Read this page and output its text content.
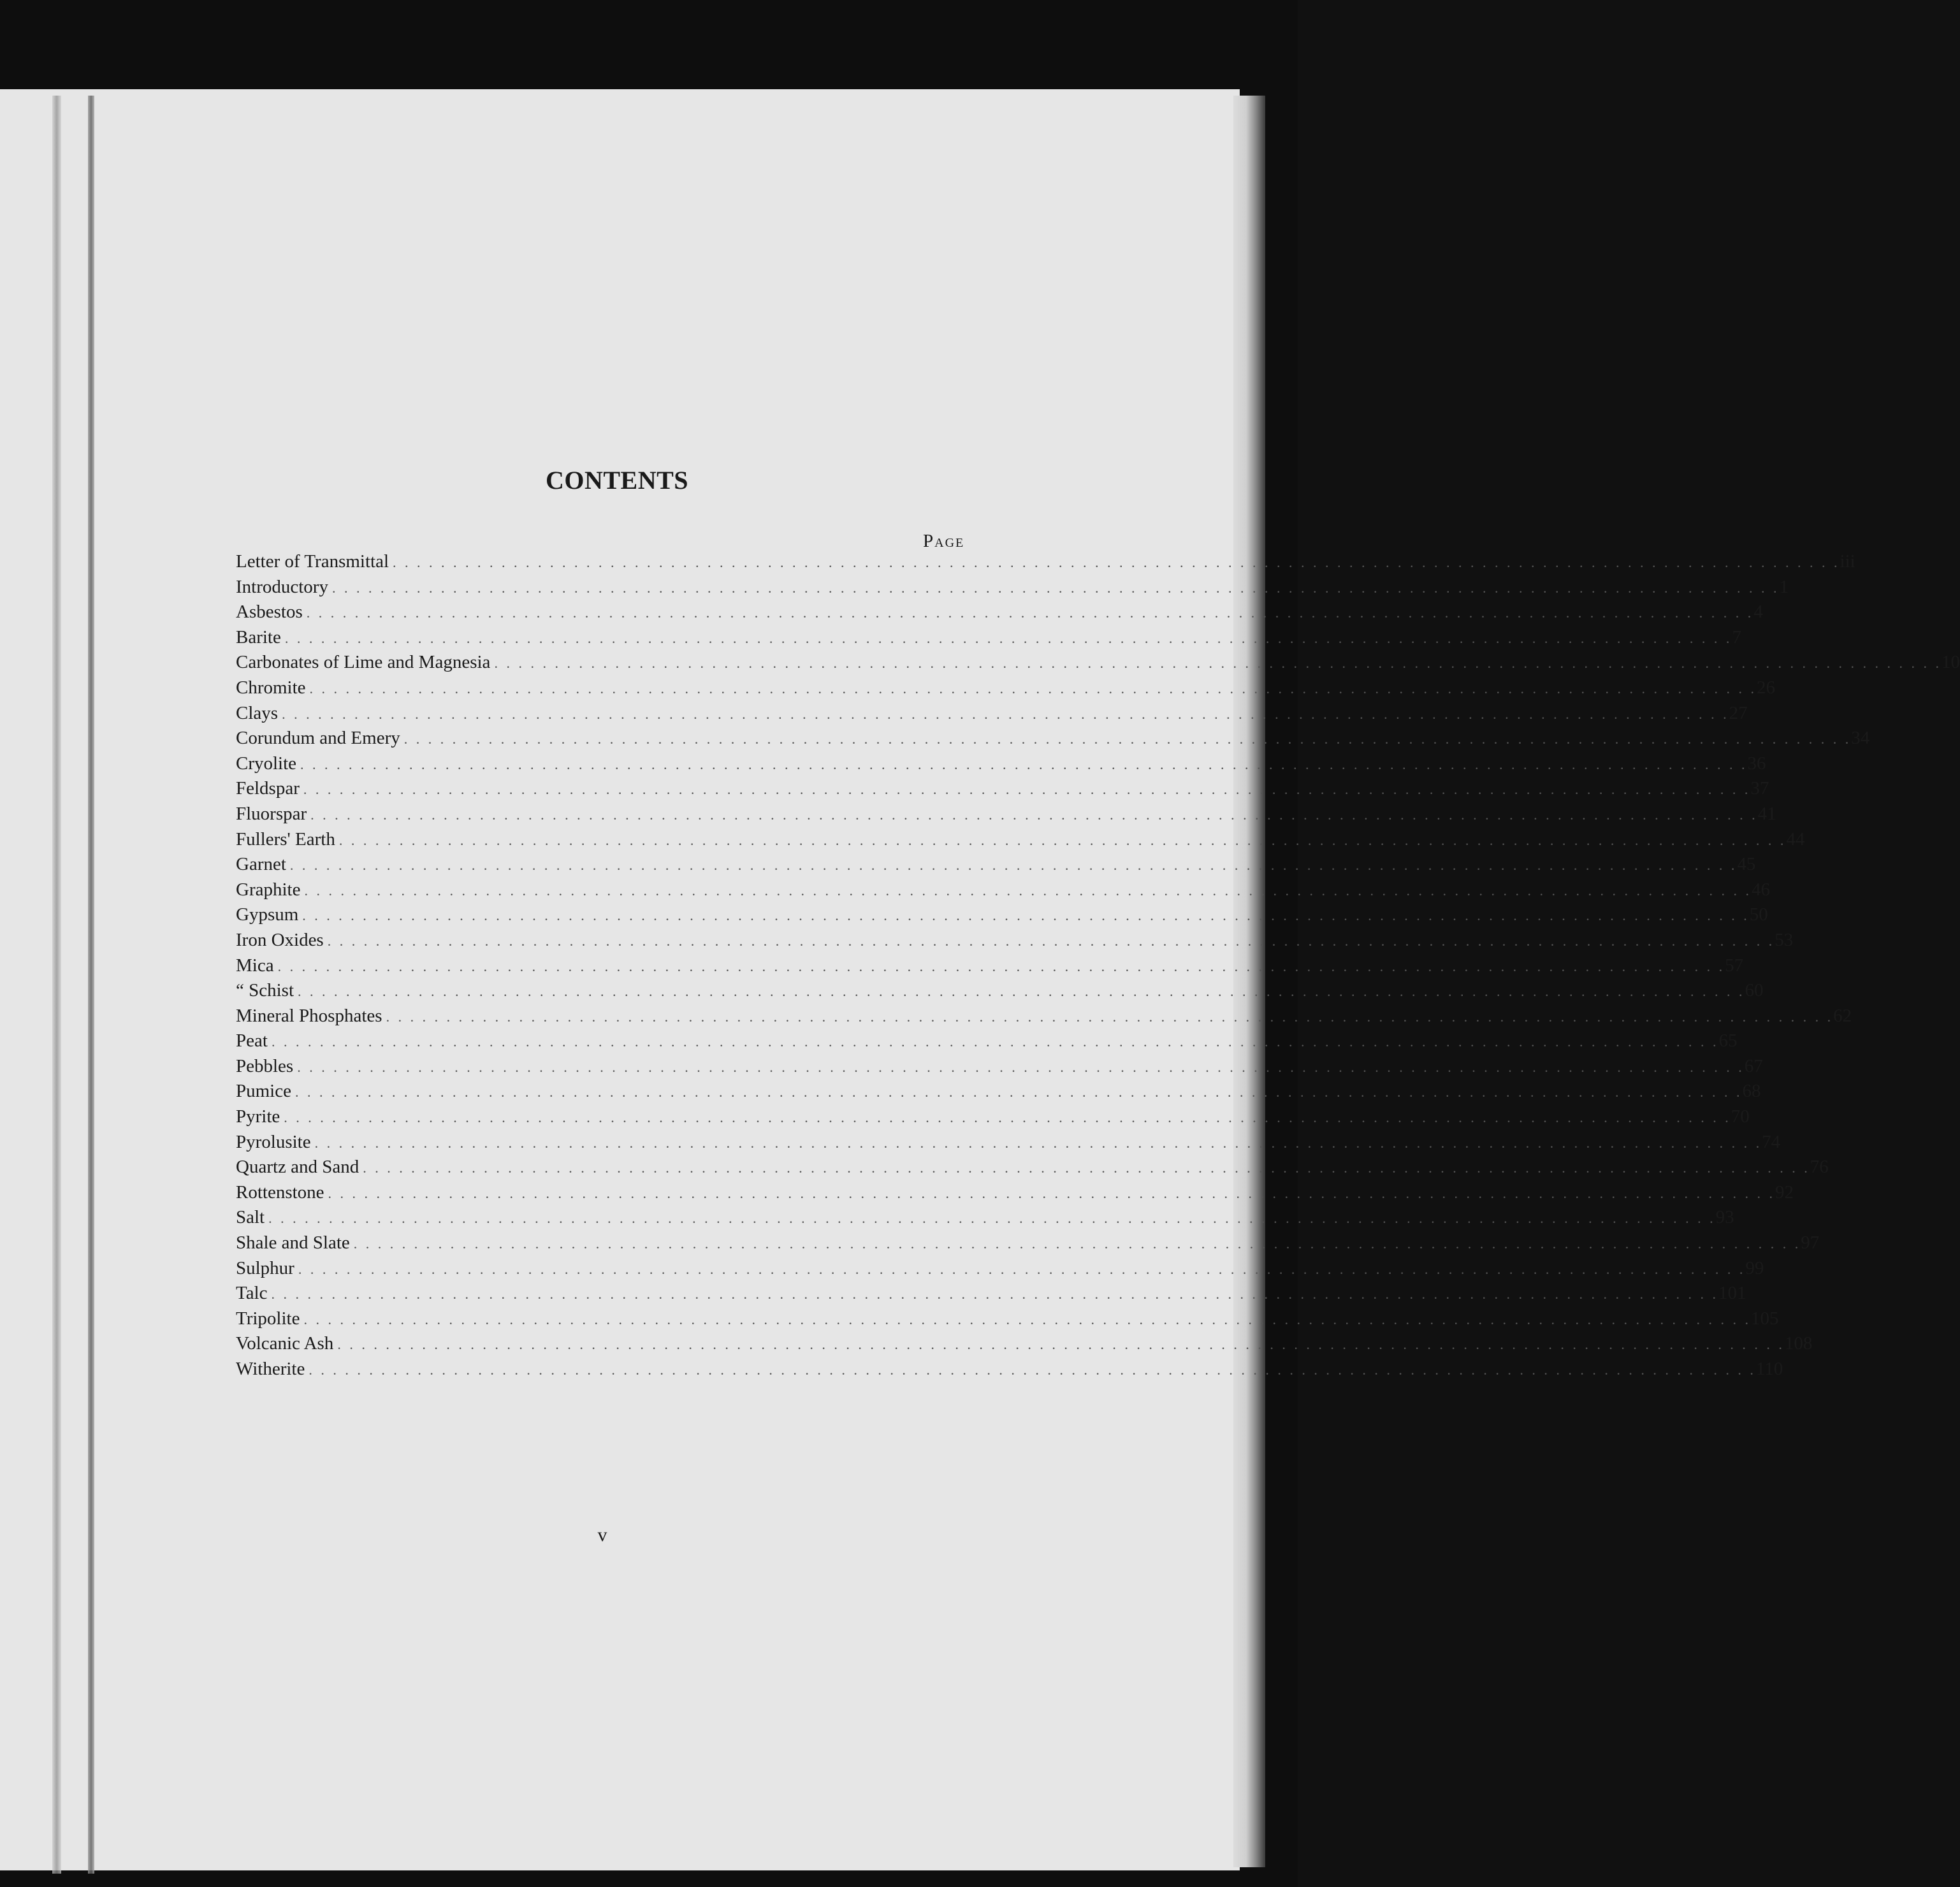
CONTENTS
Page
Letter of Transmittal . . . . . . . . . . . . . . . . . . . . . . . . . . . . . . . . . . . . . . . . . . . . . . . . . . . . . . . . . . . . . . . . . . . . . . . . . . . . . . . . . . . . . . . . . . . . . . . . . . . . . . . . . . . . . . . . . . . . . . . . iii
Introductory . . . . . . . . . . . . . . . . . . . . . . . . . . . . . . . . . . . . . . . . . . . . . . . . . . . . . . . . . . . . . . . . . . . . . . . . . . . . . . . . . . . . . . . . . . . . . . . . . . . . . . . . . . . . . . . . . . . . . . . . 1
Asbestos . . . . . . . . . . . . . . . . . . . . . . . . . . . . . . . . . . . . . . . . . . . . . . . . . . . . . . . . . . . . . . . . . . . . . . . . . . . . . . . . . . . . . . . . . . . . . . . . . . . . . . . . . . . . . . . . . . . . . . . . 4
Barite . . . . . . . . . . . . . . . . . . . . . . . . . . . . . . . . . . . . . . . . . . . . . . . . . . . . . . . . . . . . . . . . . . . . . . . . . . . . . . . . . . . . . . . . . . . . . . . . . . . . . . . . . . . . . . . . . . . . . . . . 7
Carbonates of Lime and Magnesia . . . . . . . . . . . . . . . . . . . . . . . . . . . . . . . . . . . . . . . . . . . . . . . . . . . . . . . . . . . . . . . . . . . . . . . . . . . . . . . . . . . . . . . . . . . . . . . . . . . . . . . . . . . . . . . . . . . . . . . . 10
Chromite . . . . . . . . . . . . . . . . . . . . . . . . . . . . . . . . . . . . . . . . . . . . . . . . . . . . . . . . . . . . . . . . . . . . . . . . . . . . . . . . . . . . . . . . . . . . . . . . . . . . . . . . . . . . . . . . . . . . . . . . 26
Clays . . . . . . . . . . . . . . . . . . . . . . . . . . . . . . . . . . . . . . . . . . . . . . . . . . . . . . . . . . . . . . . . . . . . . . . . . . . . . . . . . . . . . . . . . . . . . . . . . . . . . . . . . . . . . . . . . . . . . . . . 27
Corundum and Emery . . . . . . . . . . . . . . . . . . . . . . . . . . . . . . . . . . . . . . . . . . . . . . . . . . . . . . . . . . . . . . . . . . . . . . . . . . . . . . . . . . . . . . . . . . . . . . . . . . . . . . . . . . . . . . . . . . . . . . . . 34
Cryolite . . . . . . . . . . . . . . . . . . . . . . . . . . . . . . . . . . . . . . . . . . . . . . . . . . . . . . . . . . . . . . . . . . . . . . . . . . . . . . . . . . . . . . . . . . . . . . . . . . . . . . . . . . . . . . . . . . . . . . . . 36
Feldspar . . . . . . . . . . . . . . . . . . . . . . . . . . . . . . . . . . . . . . . . . . . . . . . . . . . . . . . . . . . . . . . . . . . . . . . . . . . . . . . . . . . . . . . . . . . . . . . . . . . . . . . . . . . . . . . . . . . . . . . . 37
Fluorspar . . . . . . . . . . . . . . . . . . . . . . . . . . . . . . . . . . . . . . . . . . . . . . . . . . . . . . . . . . . . . . . . . . . . . . . . . . . . . . . . . . . . . . . . . . . . . . . . . . . . . . . . . . . . . . . . . . . . . . . . 41
Fullers' Earth . . . . . . . . . . . . . . . . . . . . . . . . . . . . . . . . . . . . . . . . . . . . . . . . . . . . . . . . . . . . . . . . . . . . . . . . . . . . . . . . . . . . . . . . . . . . . . . . . . . . . . . . . . . . . . . . . . . . . . . . 44
Garnet . . . . . . . . . . . . . . . . . . . . . . . . . . . . . . . . . . . . . . . . . . . . . . . . . . . . . . . . . . . . . . . . . . . . . . . . . . . . . . . . . . . . . . . . . . . . . . . . . . . . . . . . . . . . . . . . . . . . . . . . 45
Graphite . . . . . . . . . . . . . . . . . . . . . . . . . . . . . . . . . . . . . . . . . . . . . . . . . . . . . . . . . . . . . . . . . . . . . . . . . . . . . . . . . . . . . . . . . . . . . . . . . . . . . . . . . . . . . . . . . . . . . . . . 46
Gypsum . . . . . . . . . . . . . . . . . . . . . . . . . . . . . . . . . . . . . . . . . . . . . . . . . . . . . . . . . . . . . . . . . . . . . . . . . . . . . . . . . . . . . . . . . . . . . . . . . . . . . . . . . . . . . . . . . . . . . . . . 50
Iron Oxides . . . . . . . . . . . . . . . . . . . . . . . . . . . . . . . . . . . . . . . . . . . . . . . . . . . . . . . . . . . . . . . . . . . . . . . . . . . . . . . . . . . . . . . . . . . . . . . . . . . . . . . . . . . . . . . . . . . . . . . . 53
Mica . . . . . . . . . . . . . . . . . . . . . . . . . . . . . . . . . . . . . . . . . . . . . . . . . . . . . . . . . . . . . . . . . . . . . . . . . . . . . . . . . . . . . . . . . . . . . . . . . . . . . . . . . . . . . . . . . . . . . . . . 57
“ Schist . . . . . . . . . . . . . . . . . . . . . . . . . . . . . . . . . . . . . . . . . . . . . . . . . . . . . . . . . . . . . . . . . . . . . . . . . . . . . . . . . . . . . . . . . . . . . . . . . . . . . . . . . . . . . . . . . . . . . . . . 60
Mineral Phosphates . . . . . . . . . . . . . . . . . . . . . . . . . . . . . . . . . . . . . . . . . . . . . . . . . . . . . . . . . . . . . . . . . . . . . . . . . . . . . . . . . . . . . . . . . . . . . . . . . . . . . . . . . . . . . . . . . . . . . . . . 62
Peat . . . . . . . . . . . . . . . . . . . . . . . . . . . . . . . . . . . . . . . . . . . . . . . . . . . . . . . . . . . . . . . . . . . . . . . . . . . . . . . . . . . . . . . . . . . . . . . . . . . . . . . . . . . . . . . . . . . . . . . . 65
Pebbles . . . . . . . . . . . . . . . . . . . . . . . . . . . . . . . . . . . . . . . . . . . . . . . . . . . . . . . . . . . . . . . . . . . . . . . . . . . . . . . . . . . . . . . . . . . . . . . . . . . . . . . . . . . . . . . . . . . . . . . . 67
Pumice . . . . . . . . . . . . . . . . . . . . . . . . . . . . . . . . . . . . . . . . . . . . . . . . . . . . . . . . . . . . . . . . . . . . . . . . . . . . . . . . . . . . . . . . . . . . . . . . . . . . . . . . . . . . . . . . . . . . . . . . 68
Pyrite . . . . . . . . . . . . . . . . . . . . . . . . . . . . . . . . . . . . . . . . . . . . . . . . . . . . . . . . . . . . . . . . . . . . . . . . . . . . . . . . . . . . . . . . . . . . . . . . . . . . . . . . . . . . . . . . . . . . . . . . 70
Pyrolusite . . . . . . . . . . . . . . . . . . . . . . . . . . . . . . . . . . . . . . . . . . . . . . . . . . . . . . . . . . . . . . . . . . . . . . . . . . . . . . . . . . . . . . . . . . . . . . . . . . . . . . . . . . . . . . . . . . . . . . . . 74
Quartz and Sand . . . . . . . . . . . . . . . . . . . . . . . . . . . . . . . . . . . . . . . . . . . . . . . . . . . . . . . . . . . . . . . . . . . . . . . . . . . . . . . . . . . . . . . . . . . . . . . . . . . . . . . . . . . . . . . . . . . . . . . . 76
Rottenstone . . . . . . . . . . . . . . . . . . . . . . . . . . . . . . . . . . . . . . . . . . . . . . . . . . . . . . . . . . . . . . . . . . . . . . . . . . . . . . . . . . . . . . . . . . . . . . . . . . . . . . . . . . . . . . . . . . . . . . . . 92
Salt . . . . . . . . . . . . . . . . . . . . . . . . . . . . . . . . . . . . . . . . . . . . . . . . . . . . . . . . . . . . . . . . . . . . . . . . . . . . . . . . . . . . . . . . . . . . . . . . . . . . . . . . . . . . . . . . . . . . . . . . 93
Shale and Slate . . . . . . . . . . . . . . . . . . . . . . . . . . . . . . . . . . . . . . . . . . . . . . . . . . . . . . . . . . . . . . . . . . . . . . . . . . . . . . . . . . . . . . . . . . . . . . . . . . . . . . . . . . . . . . . . . . . . . . . . 97
Sulphur . . . . . . . . . . . . . . . . . . . . . . . . . . . . . . . . . . . . . . . . . . . . . . . . . . . . . . . . . . . . . . . . . . . . . . . . . . . . . . . . . . . . . . . . . . . . . . . . . . . . . . . . . . . . . . . . . . . . . . . . 99
Talc . . . . . . . . . . . . . . . . . . . . . . . . . . . . . . . . . . . . . . . . . . . . . . . . . . . . . . . . . . . . . . . . . . . . . . . . . . . . . . . . . . . . . . . . . . . . . . . . . . . . . . . . . . . . . . . . . . . . . . . . 101
Tripolite . . . . . . . . . . . . . . . . . . . . . . . . . . . . . . . . . . . . . . . . . . . . . . . . . . . . . . . . . . . . . . . . . . . . . . . . . . . . . . . . . . . . . . . . . . . . . . . . . . . . . . . . . . . . . . . . . . . . . . . . 105
Volcanic Ash . . . . . . . . . . . . . . . . . . . . . . . . . . . . . . . . . . . . . . . . . . . . . . . . . . . . . . . . . . . . . . . . . . . . . . . . . . . . . . . . . . . . . . . . . . . . . . . . . . . . . . . . . . . . . . . . . . . . . . . . 108
Witherite . . . . . . . . . . . . . . . . . . . . . . . . . . . . . . . . . . . . . . . . . . . . . . . . . . . . . . . . . . . . . . . . . . . . . . . . . . . . . . . . . . . . . . . . . . . . . . . . . . . . . . . . . . . . . . . . . . . . . . . . 110
v
